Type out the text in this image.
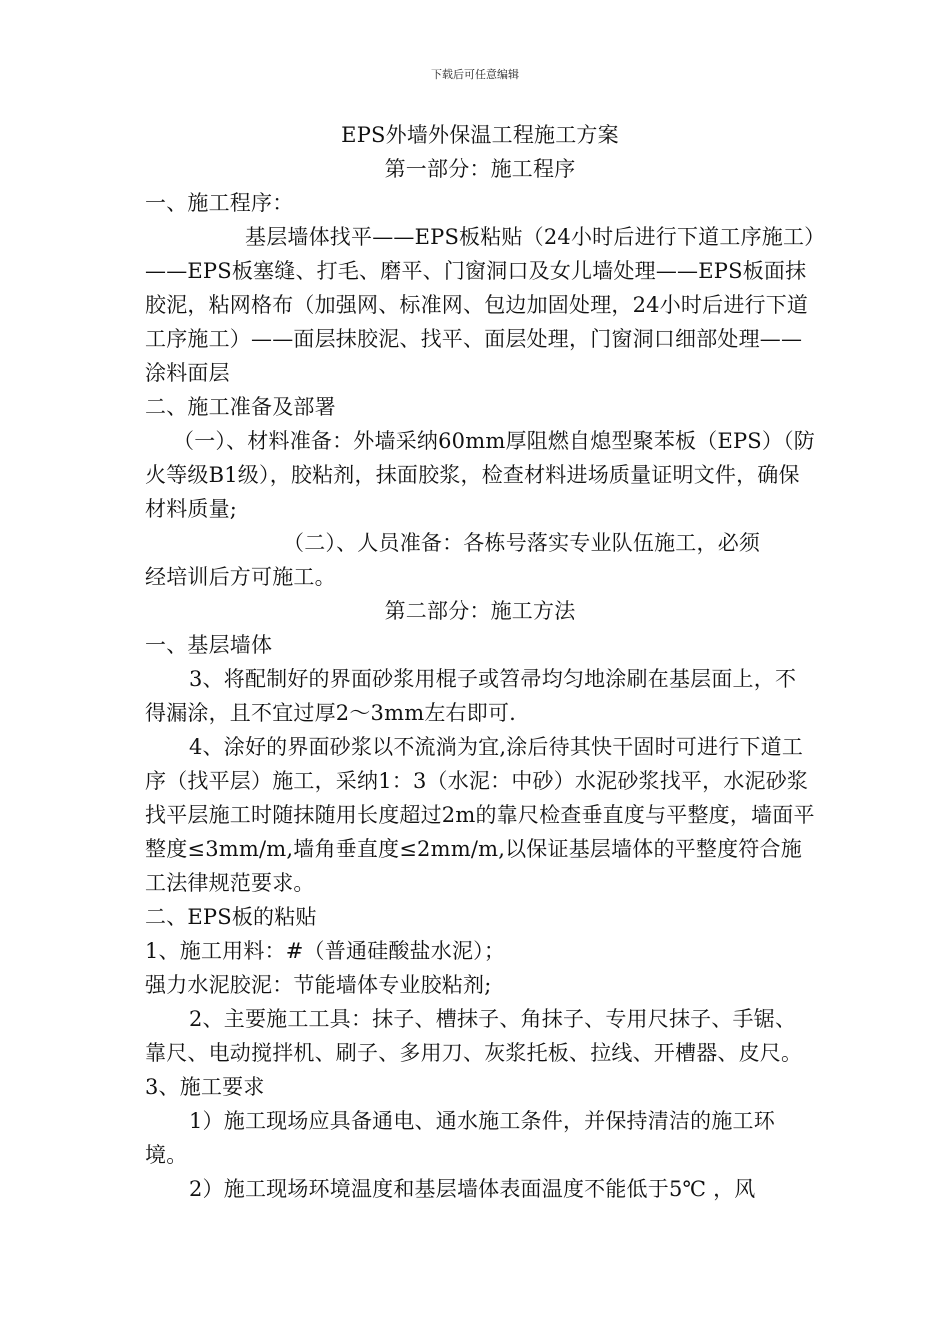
下载后可任意编辑

EPS外墙外保温工程施工方案

第一部分：施工程序

一、施工程序：

基层墙体找平——EPS板粘贴（24小时后进行下道工序施工）——EPS板塞缝、打毛、磨平、门窗洞口及女儿墙处理——EPS板面抹胶泥，粘网格布（加强网、标准网、包边加固处理，24小时后进行下道工序施工）——面层抹胶泥、找平、面层处理，门窗洞口细部处理——涂料面层

二、施工准备及部署

（一）、材料准备：外墙采纳60mm厚阻燃自熄型聚苯板（EPS）（防火等级B1级），胶粘剂，抹面胶浆，检查材料进场质量证明文件，确保材料质量;

（二）、人员准备：各栋号落实专业队伍施工，必须

经培训后方可施工。

第二部分：施工方法

一、基层墙体

3、将配制好的界面砂浆用棍子或笤帚均匀地涂刷在基层面上，不得漏涂，且不宜过厚2～3mm左右即可.

4、涂好的界面砂浆以不流淌为宜,涂后待其快干固时可进行下道工序（找平层）施工，采纳1：3（水泥：中砂）水泥砂浆找平，水泥砂浆找平层施工时随抹随用长度超过2m的靠尺检查垂直度与平整度，墙面平整度≤3mm/m,墙角垂直度≤2mm/m,以保证基层墙体的平整度符合施工法律规范要求。

二、EPS板的粘贴

1、施工用料：#（普通硅酸盐水泥）；

强力水泥胶泥：节能墙体专业胶粘剂;

2、主要施工工具：抹子、槽抹子、角抹子、专用尺抹子、手锯、靠尺、电动搅拌机、刷子、多用刀、灰浆托板、拉线、开槽器、皮尺。

3、施工要求

1）施工现场应具备通电、通水施工条件，并保持清洁的施工环境。

2）施工现场环境温度和基层墙体表面温度不能低于5℃ ，风
